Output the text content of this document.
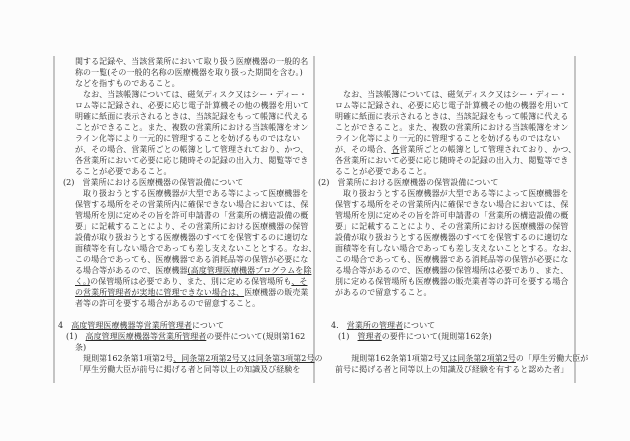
関する記録や、当該営業所において取り扱う医療機器の一般的名
称の一覧(その一般的名称の医療機器を取り扱った期間を含む。)
などを指すものであること。
　なお、当該帳簿については、磁気ディスク又はシー・ディー・
ロム等に記録され、必要に応じ電子計算機その他の機器を用いて
明確に紙面に表示されるときは、当該記録をもって帳簿に代える
ことができること。また、複数の営業所における当該帳簿をオン
ライン化等により一元的に管理することを妨げるものではない
が、その場合、営業所ごとの帳簿として管理されており、かつ、
各営業所において必要に応じ随時その記録の出入力、閲覧等でき
ることが必要であること。
(2)　営業所における医療機器の保管設備について
　取り扱おうとする医療機器が大型である等によって医療機器を
保管する場所をその営業所内に確保できない場合においては、保
管場所を別に定めその旨を許可申請書の「営業所の構造設備の概
要」に記載することにより、その営業所における医療機器の保管
設備が取り扱おうとする医療機器のすべてを保管するのに適切な
面積等を有しない場合であっても差し支えないこととする。なお、
この場合であっても、医療機器である消耗品等の保管が必要にな
る場合等があるので、医療機器(高度管理医療機器プログラムを除
く。)の保管場所は必要であり、また、別に定める保管場所も、そ
の営業所管理者が実地に管理できない場合は、医療機器の販売業
者等の許可を要する場合があるので留意すること。
4　高度管理医療機器等営業所管理者について
(1)　高度管理医療機器等営業所管理者の要件について(規則第162
条)
　規則第162条第1項第2号、同条第2項第2号又は同条第3項第2号の
「厚生労働大臣が前号に掲げる者と同等以上の知識及び経験を
　なお、当該帳簿については、磁気ディスク又はシー・ディー・
ロム等に記録され、必要に応じ電子計算機その他の機器を用いて
明確に紙面に表示されるときは、当該記録をもって帳簿に代える
ことができること。また、複数の営業所における当該帳簿をオン
ライン化等により一元的に管理することを妨げるものではない
が、その場合、各営業所ごとの帳簿として管理されており、かつ、
各営業所において必要に応じ随時その記録の出入力、閲覧等でき
ることが必要であること。
(2)　営業所における医療機器の保管設備について
　取り扱おうとする医療機器が大型である等によって医療機器を
保管する場所をその営業所内に確保できない場合においては、保
管場所を別に定めその旨を許可申請書の「営業所の構造設備の概
要」に記載することにより、その営業所における医療機器の保管
設備が取り扱おうとする医療機器のすべてを保管するのに適切な
面積等を有しない場合であっても差し支えないこととする。なお、
この場合であっても、医療機器である消耗品等の保管が必要にな
る場合等があるので、医療機器の保管場所は必要であり、また、
別に定める保管場所も医療機器の販売業者等の許可を要する場合
があるので留意すること。
4.　営業所の管理者について
(1)　管理者の要件について(規則第162条)
　　規則第162条第1項第2号又は同条第2項第2号の「厚生労働大臣が
前号に掲げる者と同等以上の知識及び経験を有すると認めた者」
